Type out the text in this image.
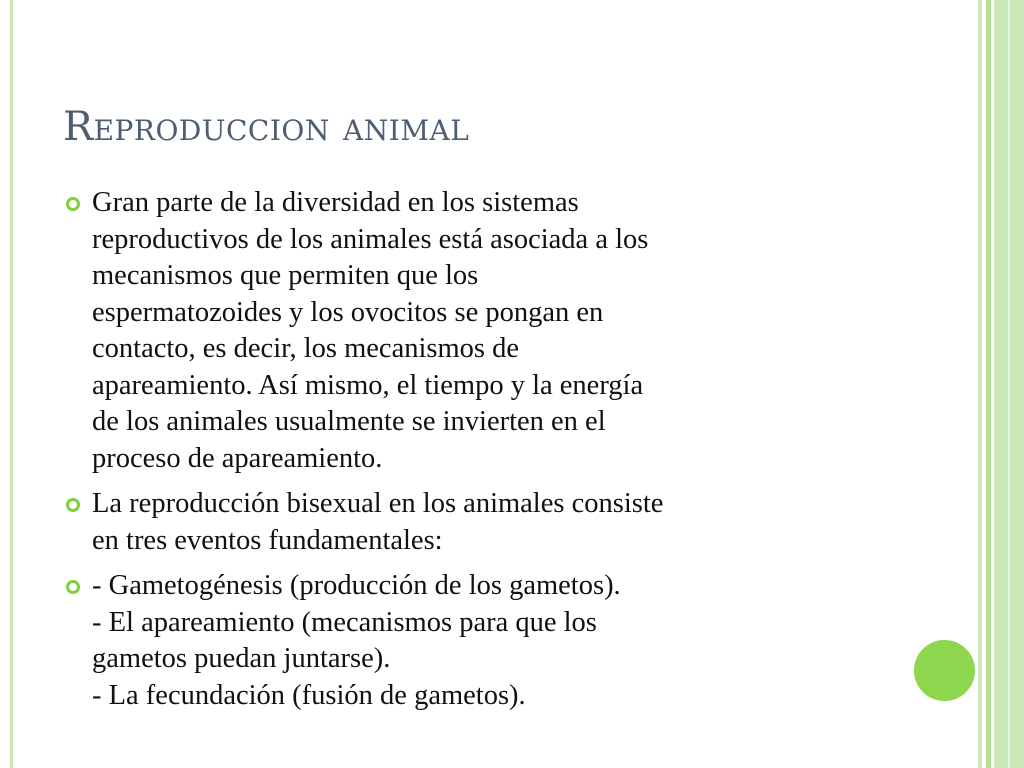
Reproduccion animal
Gran parte de la diversidad en los sistemas
reproductivos de los animales está asociada a los
mecanismos que permiten que los
espermatozoides y los ovocitos se pongan en
contacto, es decir, los mecanismos de
apareamiento. Así mismo, el tiempo y la energía
de los animales usualmente se invierten en el
proceso de apareamiento.
La reproducción bisexual en los animales consiste
en tres eventos fundamentales:
- Gametogénesis (producción de los gametos).
- El apareamiento (mecanismos para que los
gametos puedan juntarse).
- La fecundación (fusión de gametos).
